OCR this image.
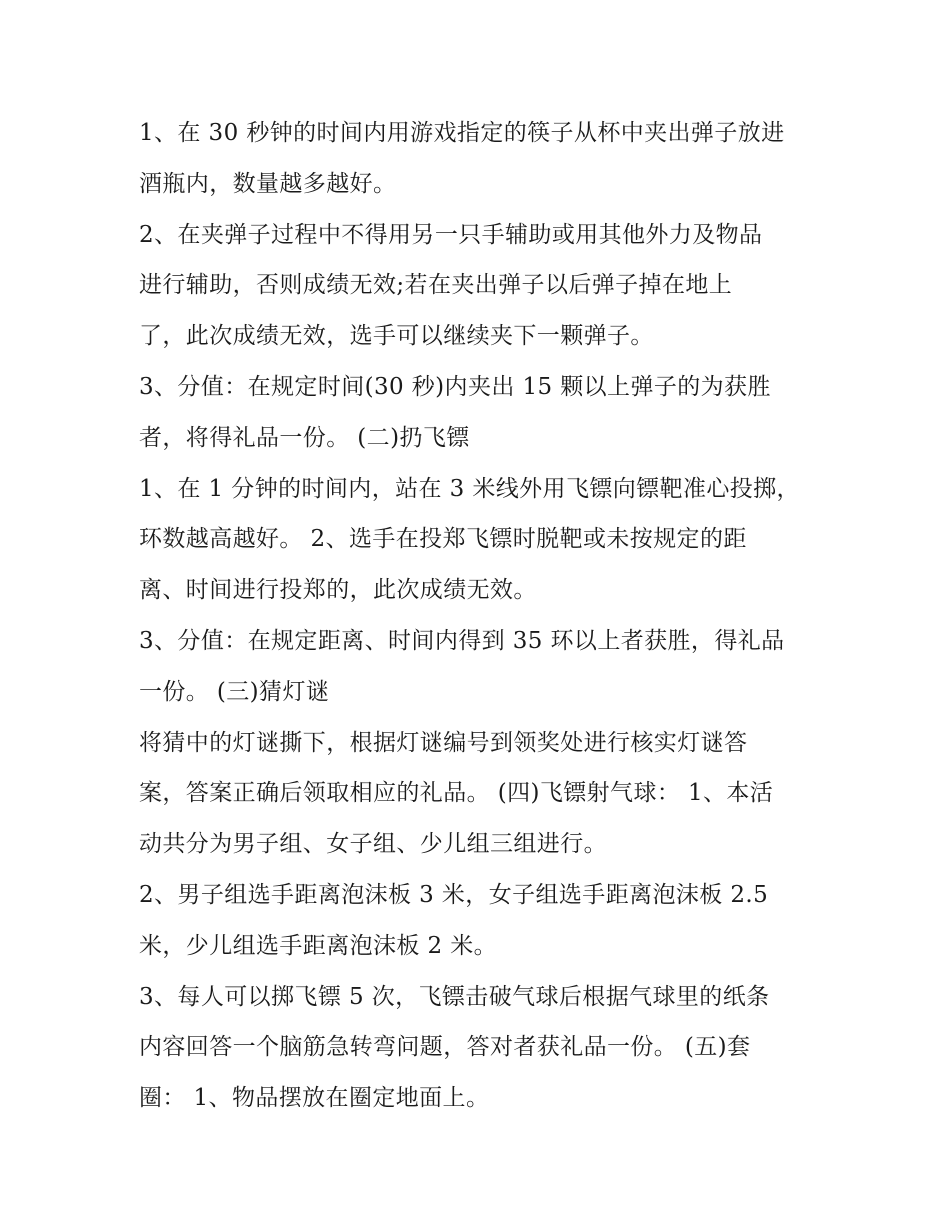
1、在 30 秒钟的时间内用游戏指定的筷子从杯中夹出弹子放进
酒瓶内，数量越多越好。
2、在夹弹子过程中不得用另一只手辅助或用其他外力及物品
进行辅助，否则成绩无效;若在夹出弹子以后弹子掉在地上
了，此次成绩无效，选手可以继续夹下一颗弹子。
3、分值：在规定时间(30 秒)内夹出 15 颗以上弹子的为获胜
者，将得礼品一份。 (二)扔飞镖
1、在 1 分钟的时间内，站在 3 米线外用飞镖向镖靶准心投掷，
环数越高越好。 2、选手在投郑飞镖时脱靶或未按规定的距
离、时间进行投郑的，此次成绩无效。
3、分值：在规定距离、时间内得到 35 环以上者获胜，得礼品
一份。 (三)猜灯谜
将猜中的灯谜撕下，根据灯谜编号到领奖处进行核实灯谜答
案，答案正确后领取相应的礼品。 (四)飞镖射气球： 1、本活
动共分为男子组、女子组、少儿组三组进行。
2、男子组选手距离泡沫板 3 米，女子组选手距离泡沫板 2.5
米，少儿组选手距离泡沫板 2 米。
3、每人可以掷飞镖 5 次，飞镖击破气球后根据气球里的纸条
内容回答一个脑筋急转弯问题，答对者获礼品一份。 (五)套
圈： 1、物品摆放在圈定地面上。
